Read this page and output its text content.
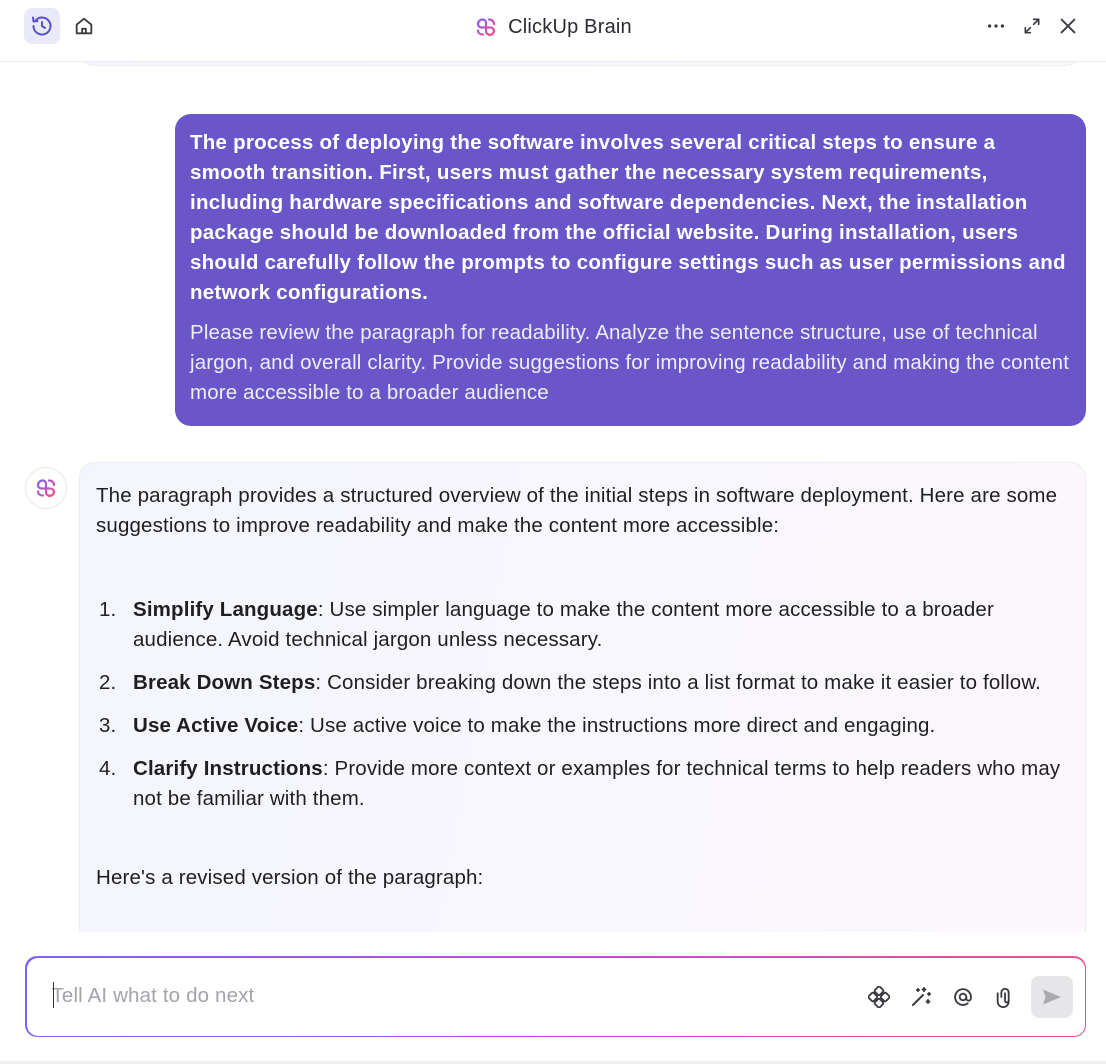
ClickUp Brain

The process of deploying the software involves several critical steps to ensure a smooth transition. First, users must gather the necessary system requirements, including hardware specifications and software dependencies. Next, the installation package should be downloaded from the official website. During installation, users should carefully follow the prompts to configure settings such as user permissions and network configurations.

Please review the paragraph for readability. Analyze the sentence structure, use of technical jargon, and overall clarity. Provide suggestions for improving readability and making the content more accessible to a broader audience

The paragraph provides a structured overview of the initial steps in software deployment. Here are some suggestions to improve readability and make the content more accessible:

1. Simplify Language: Use simpler language to make the content more accessible to a broader audience. Avoid technical jargon unless necessary.
2. Break Down Steps: Consider breaking down the steps into a list format to make it easier to follow.
3. Use Active Voice: Use active voice to make the instructions more direct and engaging.
4. Clarify Instructions: Provide more context or examples for technical terms to help readers who may not be familiar with them.

Here's a revised version of the paragraph:

Tell AI what to do next
